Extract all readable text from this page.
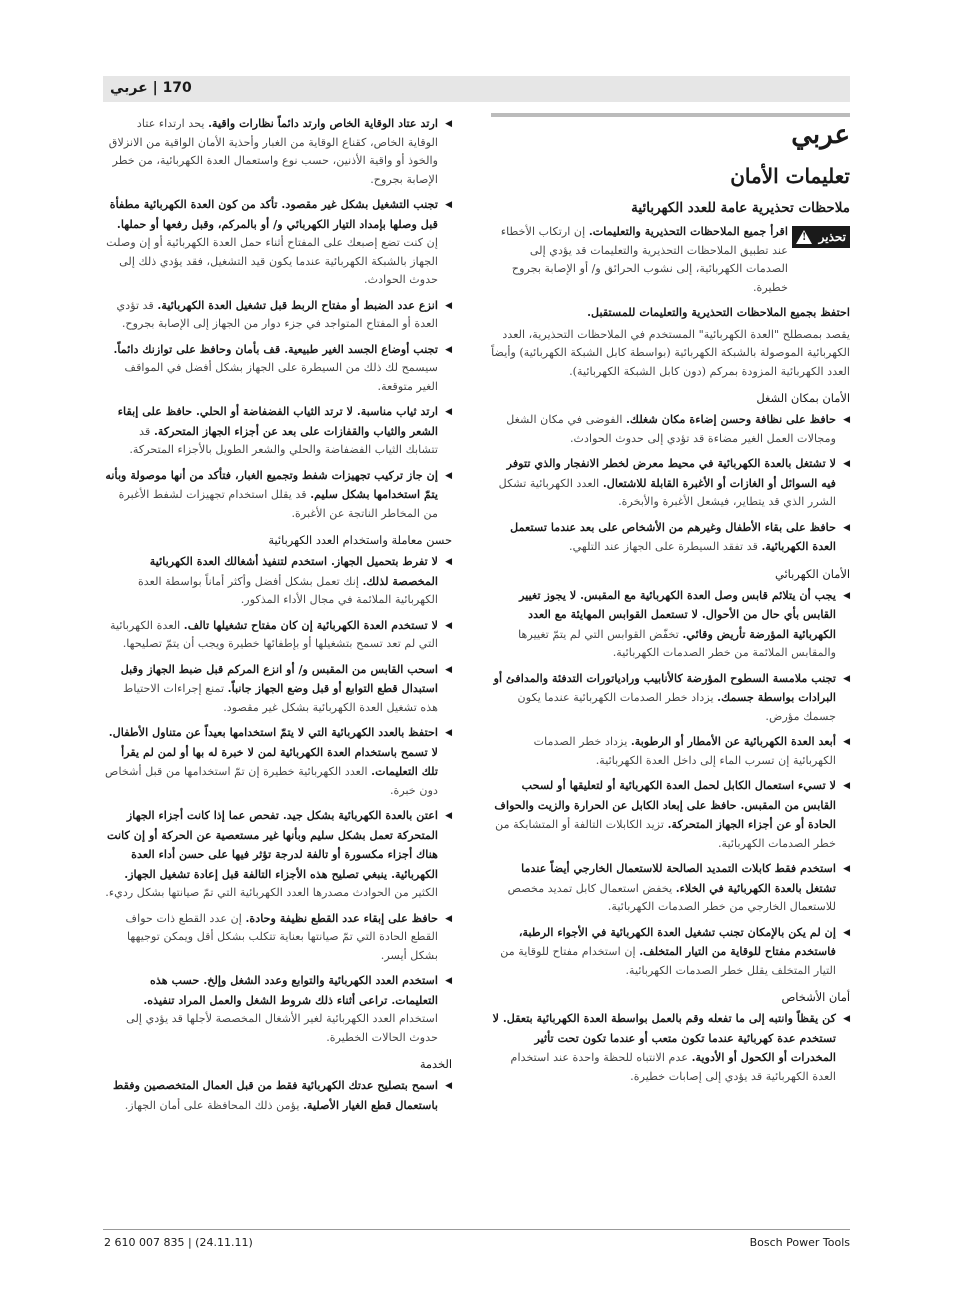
170 | عربي
عربي
تعليمات الأمان
ملاحظات تحذيرية عامة للعدد الكهربائية
تحذير
!

اقرأ جميع الملاحظات التحذيرية والتعليمات. إن ارتكاب الأخطاء عند تطبيق الملاحظات التحذيرية والتعليمات قد يؤدي إلى الصدمات الكهربائية، إلى نشوب الحرائق و/ أو الإصابة بجروح خطيرة.

احتفظ بجميع الملاحظات التحذيرية والتعليمات للمستقبل.

يقصد بمصطلح "العدة الكهربائية" المستخدم في الملاحظات التحذيرية، العدد الكهربائية الموصولة بالشبكة الكهربائية (بواسطة كابل الشبكة الكهربائية) وأيضاً العدد الكهربائية المزودة بمركم (دون كابل الشبكة الكهربائية).

الأمان بمكان الشغل
◀

حافظ على نظافة وحسن إضاءة مكان شغلك. الفوضى في مكان الشغل ومجالات العمل الغير مضاءة قد تؤدي إلى حدوث الحوادث.

◀

لا تشتغل بالعدة الكهربائية في محيط معرض لخطر الانفجار والذي تتوفر فيه السوائل أو الغازات أو الأغبرة القابلة للاشتعال. العدد الكهربائية تشكل الشرر الذي قد يتطاير، فيشعل الأغبرة والأبخرة.

◀

حافظ على بقاء الأطفال وغيرهم من الأشخاص على بعد عندما تستعمل العدة الكهربائية. قد تفقد السيطرة على الجهاز عند التلهي.

الأمان الكهربائي
◀

يجب أن يتلائم قابس وصل العدة الكهربائية مع المقبس. لا يجوز تغيير القابس بأي حال من الأحوال. لا تستعمل القوابس المهايئة مع العدد الكهربائية المؤرضة تأريض وقائي. تخفّض القوابس التي لم يتمّ تغييرها والمقابس الملائمة من خطر الصدمات الكهربائية.

◀

تجنب ملامسة السطوح المؤرضة كالأنابيب ورادياتورات التدفئة والمدافئ أو البرادات بواسطة جسمك. يزداد خطر الصدمات الكهربائية عندما يكون جسمك مؤرض.

◀

أبعد العدة الكهربائية عن الأمطار أو الرطوبة. يزداد خطر الصدمات الكهربائية إن تسرب الماء إلى داخل العدة الكهربائية.

◀

لا تسيء استعمال الكابل لحمل العدة الكهربائية أو لتعليقها أو لسحب القابس من المقبس. حافظ على إبعاد الكابل عن الحرارة والزيت والحواف الحادة أو عن أجزاء الجهاز المتحركة. تزيد الكابلات التالفة أو المتشابكة من خطر الصدمات الكهربائية.

◀

استخدم فقط كابلات التمديد الصالحة للاستعمال الخارجي أيضاً عندما تشتغل بالعدة الكهربائية في الخلاء. يخفض استعمال كابل تمديد مخصص للاستعمال الخارجي من خطر الصدمات الكهربائية.

◀

إن لم يكن بالإمكان تجنب تشغيل العدة الكهربائية في الأجواء الرطبة، فاستخدم مفتاح للوقاية من التيار المتخلف. إن استخدام مفتاح للوقاية من التيار المتخلف يقلل خطر الصدمات الكهربائية.

أمان الأشخاص
◀

كن يقظاً وانتبه إلى ما تفعله وقم بالعمل بواسطة العدة الكهربائية بتعقل. لا تستخدم عدة كهربائية عندما تكون متعب أو عندما تكون تحت تأثير المخدرات أو الكحول أو الأدوية. عدم الانتباه للحظة واحدة عند استخدام العدة الكهربائية قد يؤدي إلى إصابات خطيرة.

◀

ارتد عتاد الوقاية الخاص وارتد دائماً نظارات واقية. يحد ارتداء عتاد الوقاية الخاص، كقناع الوقاية من الغبار وأحذية الأمان الواقية من الانزلاق والخوذ أو واقية الأذنين، حسب نوع واستعمال العدة الكهربائية، من خطر الإصابة بجروح.

◀

تجنب التشغيل بشكل غير مقصود. تأكد من كون العدة الكهربائية مطفأة قبل وصلها بإمداد التيار الكهربائي و/ أو بالمركم، وقبل رفعها أو حملها. إن كنت تضع إصبعك على المفتاح أثناء حمل العدة الكهربائية أو إن وصلت الجهاز بالشبكة الكهربائية عندما يكون قيد التشغيل، فقد يؤدي ذلك إلى حدوث الحوادث.

◀

انزع عدد الضبط أو مفتاح الربط قبل تشغيل العدة الكهربائية. قد تؤدي العدة أو المفتاح المتواجد في جزء دوار من الجهاز إلى الإصابة بجروح.

◀

تجنب أوضاع الجسد الغير طبيعية. قف بأمان وحافظ على توازنك دائماً. سيسمح لك ذلك من السيطرة على الجهاز بشكل أفضل في المواقف الغير متوقعة.

◀

ارتد ثياب مناسبة. لا ترتد الثياب الفضفاضة أو الحلي. حافظ على إبقاء الشعر والثياب والقفازات على بعد عن أجزاء الجهاز المتحركة. قد تتشابك الثياب الفضفاضة والحلي والشعر الطويل بالأجزاء المتحركة.

◀

إن جاز تركيب تجهيزات شفط وتجميع الغبار، فتأكد من أنها موصولة وبأنه يتمّ استخدامها بشكل سليم. قد يقلل استخدام تجهيزات لشفط الأغبرة من المخاطر الناتجة عن الأغبرة.

حسن معاملة واستخدام العدد الكهربائية
◀

لا تفرط بتحميل الجهاز. استخدم لتنفيذ أشغالك العدة الكهربائية المخصصة لذلك. إنك تعمل بشكل أفضل وأكثر أماناً بواسطة العدة الكهربائية الملائمة في مجال الأداء المذكور.

◀

لا تستخدم العدة الكهربائية إن كان مفتاح تشغيلها تالف. العدة الكهربائية التي لم تعد تسمح بتشغيلها أو بإطفائها خطيرة ويجب أن يتمّ تصليحها.

◀

اسحب القابس من المقبس و/ أو انزع المركم قبل ضبط الجهاز وقبل استبدال قطع التوابع أو قبل وضع الجهاز جانباً. تمنع إجراءات الاحتياط هذه تشغيل العدة الكهربائية بشكل غير مقصود.

◀

احتفظ بالعدد الكهربائية التي لا يتمّ استخدامها بعيداً عن متناول الأطفال. لا تسمح باستخدام العدة الكهربائية لمن لا خبرة له بها أو لمن لم يقرأ تلك التعليمات. العدد الكهربائية خطيرة إن تمّ استخدامها من قبل أشخاص دون خبرة.

◀

اعتن بالعدة الكهربائية بشكل جيد. تفحص عما إذا كانت أجزاء الجهاز المتحركة تعمل بشكل سليم وبأنها غير مستعصية عن الحركة أو إن كانت هناك أجزاء مكسورة أو تالفة لدرجة تؤثر فيها على حسن أداء العدة الكهربائية. ينبغي تصليح هذه الأجزاء التالفة قبل إعادة تشغيل الجهاز. الكثير من الحوادث مصدرها العدد الكهربائية التي تمّ صيانتها بشكل رديء.

◀

حافظ على إبقاء عدد القطع نظيفة وحادة. إن عدد القطع ذات حواف القطع الحادة التي تمّ صيانتها بعناية تتكلب بشكل أقل ويمكن توجيهها بشكل أيسر.

◀

استخدم العدد الكهربائية والتوابع وعدد الشغل وإلخ. حسب هذه التعليمات. تراعى أثناء ذلك شروط الشغل والعمل المراد تنفيذه. استخدام العدد الكهربائية لغير الأشغال المخصصة لأجلها قد يؤدي إلى حدوث الحالات الخطيرة.

الخدمة
◀

اسمح بتصليح عدتك الكهربائية فقط من قبل العمال المتخصصين وفقط باستعمال قطع الغيار الأصلية. يؤمن ذلك المحافظة على أمان الجهاز.

2 610 007 835 | (24.11.11)	Bosch Power Tools
